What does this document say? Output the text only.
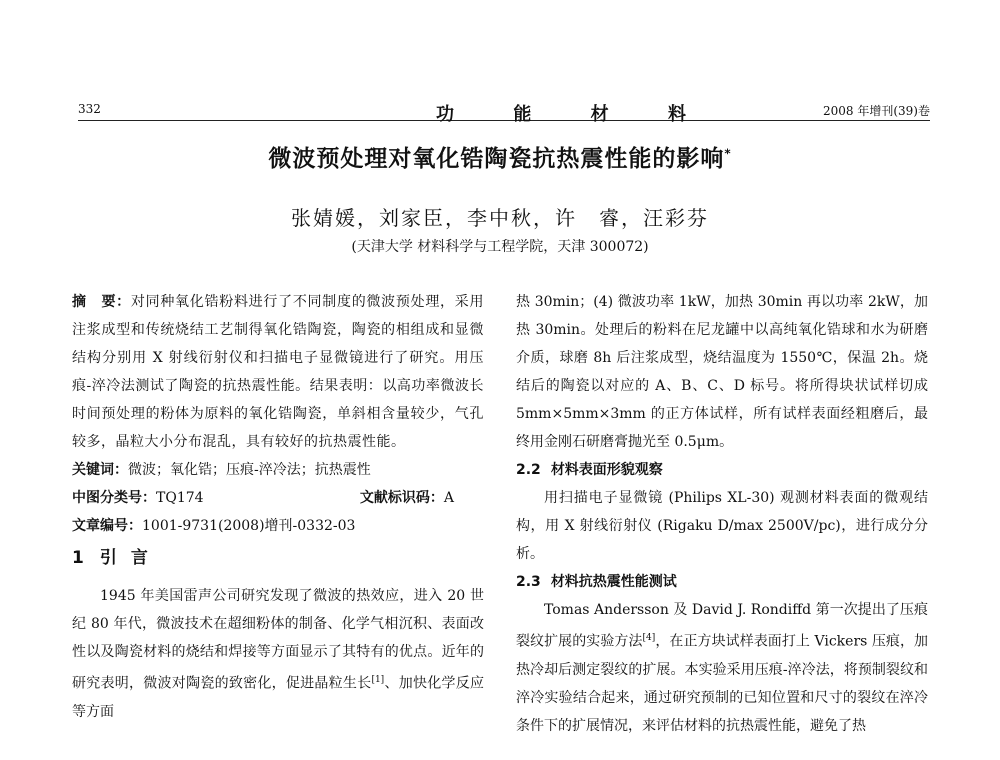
332	功	能	材	料	2008 年增刊(39)卷
微波预处理对氧化锆陶瓷抗热震性能的影响*
张婧媛，刘家臣，李中秋，许　睿，汪彩芬
(天津大学 材料科学与工程学院，天津 300072)

摘　要：对同种氧化锆粉料进行了不同制度的微波预处理，采用注浆成型和传统烧结工艺制得氧化锆陶瓷，陶瓷的相组成和显微结构分别用 X 射线衍射仪和扫描电子显微镜进行了研究。用压痕-淬冷法测试了陶瓷的抗热震性能。结果表明：以高功率微波长时间预处理的粉体为原料的氧化锆陶瓷，单斜相含量较少，气孔较多，晶粒大小分布混乱，具有较好的抗热震性能。

关键词：微波；氧化锆；压痕-淬冷法；抗热震性

中图分类号：TQ174	文献标识码：A

文章编号：1001-9731(2008)增刊-0332-03

1 引言

1945 年美国雷声公司研究发现了微波的热效应，进入 20 世纪 80 年代，微波技术在超细粉体的制备、化学气相沉积、表面改性以及陶瓷材料的烧结和焊接等方面显示了其特有的优点。近年的研究表明，微波对陶瓷的致密化，促进晶粒生长[1]、加快化学反应等方面

热 30min；(4) 微波功率 1kW，加热 30min 再以功率 2kW，加热 30min。处理后的粉料在尼龙罐中以高纯氧化锆球和水为研磨介质，球磨 8h 后注浆成型，烧结温度为 1550℃，保温 2h。烧结后的陶瓷以对应的 A、B、C、D 标号。将所得块状试样切成 5mm×5mm×3mm 的正方体试样，所有试样表面经粗磨后，最终用金刚石研磨膏抛光至 0.5μm。

2.2 材料表面形貌观察

用扫描电子显微镜 (Philips XL-30) 观测材料表面的微观结构，用 X 射线衍射仪 (Rigaku D/max 2500V/pc)，进行成分分析。

2.3 材料抗热震性能测试

Tomas Andersson 及 David J. Rondiffd 第一次提出了压痕裂纹扩展的实验方法[4]，在正方块试样表面打上 Vickers 压痕，加热冷却后测定裂纹的扩展。本实验采用压痕-淬冷法，将预制裂纹和淬冷实验结合起来，通过研究预制的已知位置和尺寸的裂纹在淬冷条件下的扩展情况，来评估材料的抗热震性能，避免了热
